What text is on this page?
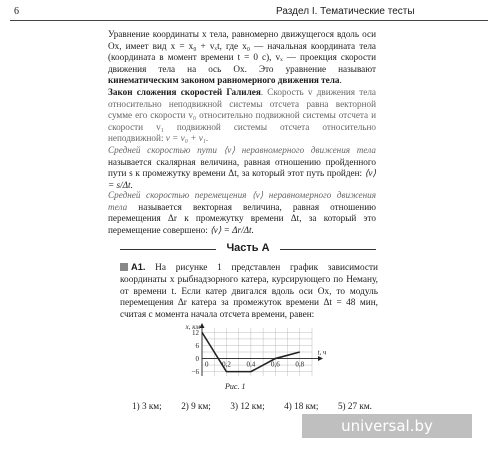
6	Раздел I. Тематические тесты
Уравнение координаты x тела, равномерно движущегося вдоль оси Ox, имеет вид x = x₀ + vₓt, где x₀ — начальная координата тела (координата в момент времени t = 0 с), vₓ — проекция скорости движения тела на ось Ox. Это уравнение называют кинематическим законом равномерного движения тела.
Закон сложения скоростей Галилея. Скорость v движения тела относительно неподвижной системы отсчета равна векторной сумме его скорости v₀ относительно подвижной системы отсчета и скорости v₁ подвижной системы отсчета относительно неподвижной: v = v₀ + v₁.
Средней скоростью пути ⟨v⟩ неравномерного движения тела называется скалярная величина, равная отношению пройденного пути s к промежутку времени Δt, за который этот путь пройден: ⟨v⟩ = s/Δt.
Средней скоростью перемещения ⟨v⟩ неравномерного движения тела называется векторная величина, равная отношению перемещения Δr к промежутку времени Δt, за который это перемещение совершено: ⟨v⟩ = Δr/Δt.
Часть А
А1. На рисунке 1 представлен график зависимости координаты x рыбнадзорного катера, курсирующего по Неману, от времени t. Если катер двигался вдоль оси Ox, то модуль перемещения Δr катера за промежуток времени Δt = 48 мин, считая с момента начала отсчета времени, равен:
12
6
0
−6
0,2 0,4 0,6 0,8
0
x, км
t, ч
Рис. 1
1) 3 км; 2) 9 км; 3) 12 км; 4) 18 км; 5) 27 км.
universal.by
